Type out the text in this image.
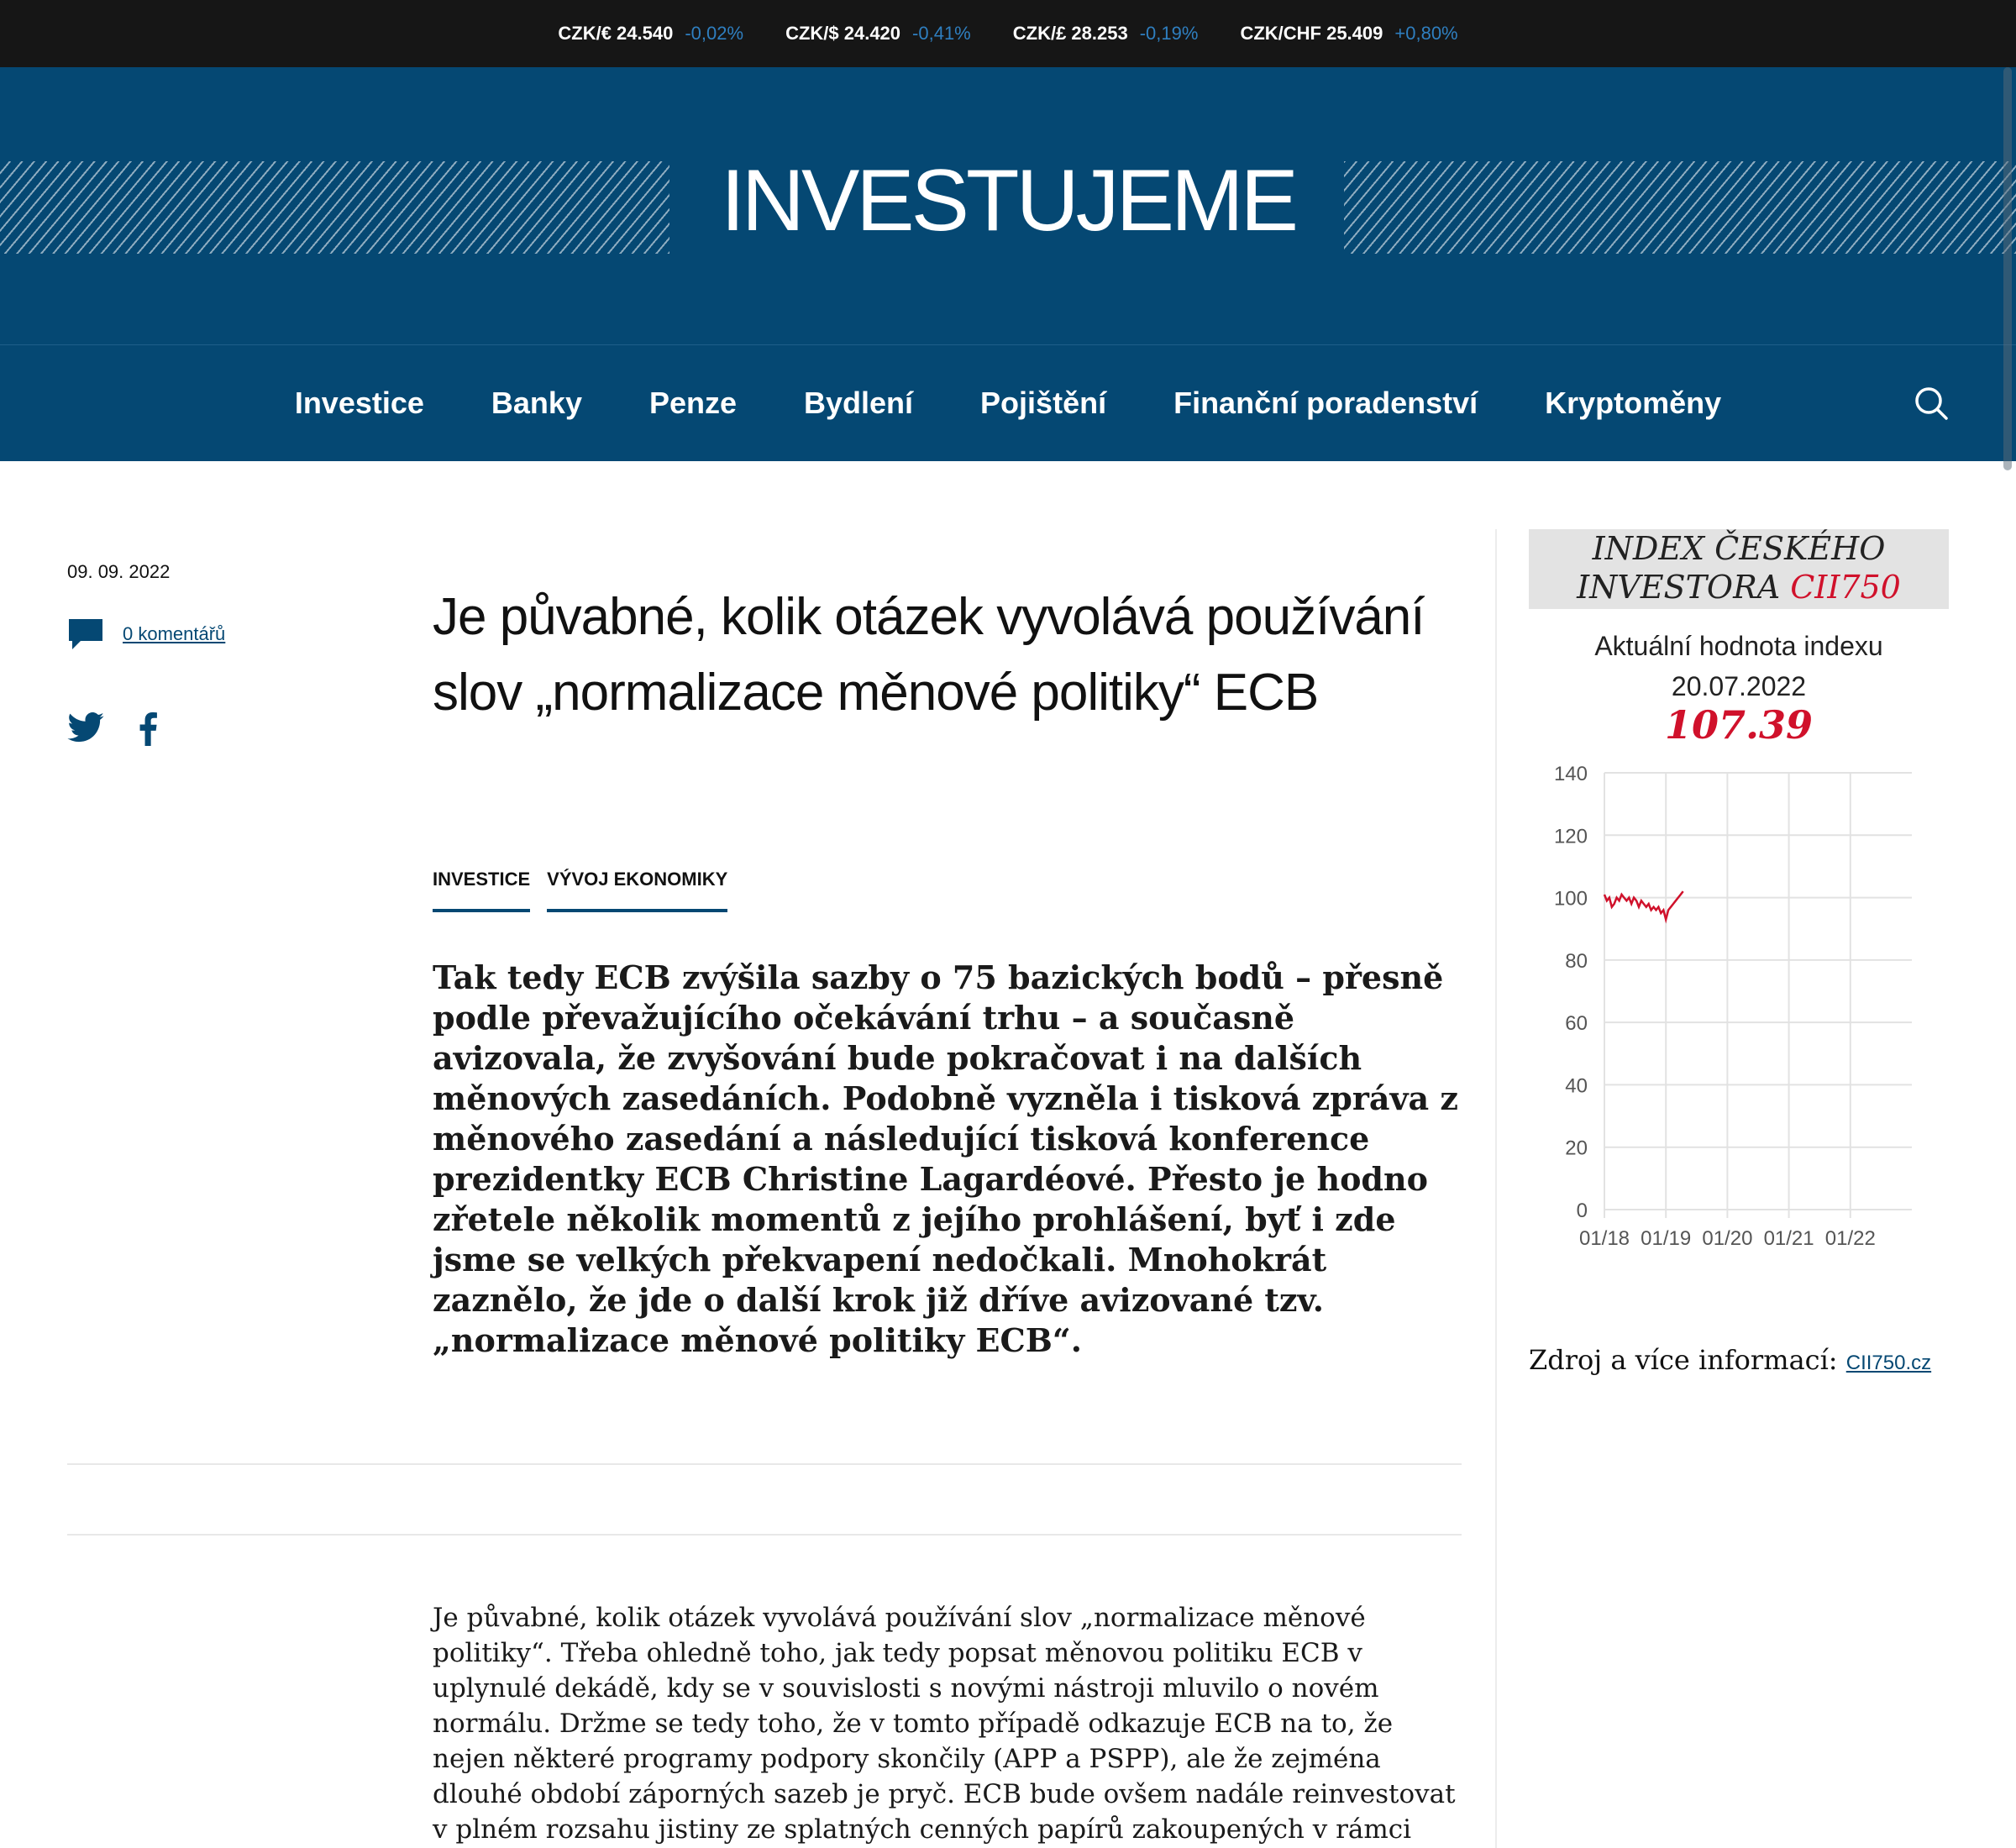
CZK/€ 24.540 -0,02% CZK/$ 24.420 -0,41% CZK/£ 28.253 -0,19% CZK/CHF 25.409 +0,80%
INVESTUJEME
Investice Banky Penze Bydlení Pojištění Finanční poradenství Kryptoměny
09. 09. 2022
0 komentářů	Je půvabné, kolik otázek vyvolává používání slov „normalizace měnové politiky“ ECB
INVESTICE VÝVOJ EKONOMIKY

Tak tedy ECB zvýšila sazby o 75 bazických bodů – přesně podle převažujícího očekávání trhu – a současně avizovala, že zvyšování bude pokračovat i na dalších měnových zasedáních. Podobně vyzněla i tisková zpráva z měnového zasedání a následující tisková konference prezidentky ECB Christine Lagardéové. Přesto je hodno zřetele několik momentů z jejího prohlášení, byť i zde jsme se velkých překvapení nedočkali. Mnohokrát zaznělo, že jde o další krok již dříve avizované tzv. „normalizace měnové politiky ECB“.

Je půvabné, kolik otázek vyvolává používání slov „normalizace měnové politiky“. Třeba ohledně toho, jak tedy popsat měnovou politiku ECB v uplynulé dekádě, kdy se v souvislosti s novými nástroji mluvilo o novém normálu. Držme se tedy toho, že v tomto případě odkazuje ECB na to, že nejen některé programy podpory skončily (APP a PSPP), ale že zejména dlouhé období záporných sazeb je pryč. ECB bude ovšem nadále reinvestovat v plném rozsahu jistiny ze splatných cenných papírů zakoupených v rámci

INDEX ČESKÉHO
INVESTORA CII750
Aktuální hodnota indexu
20.07.2022
107.39
0
20
40
60
80
100
120
140
01/18 01/19 01/20 01/21 01/22
Zdroj a více informací: CII750.cz
